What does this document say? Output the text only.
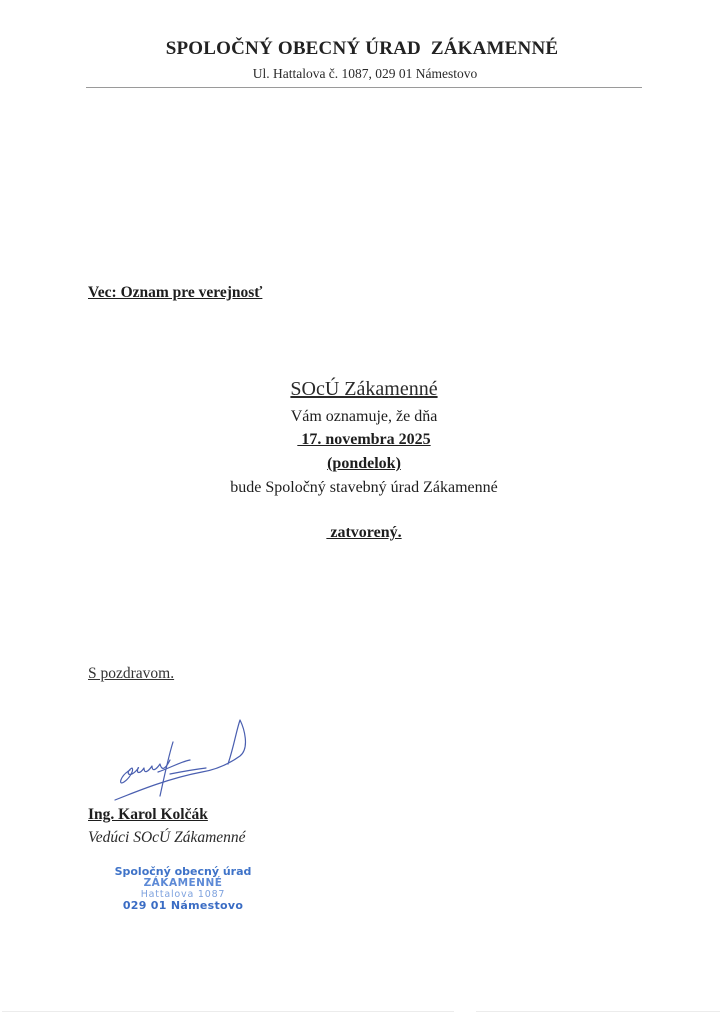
SPOLOČNÝ OBECNÝ ÚRAD  ZÁKAMENNÉ
Ul. Hattalova č. 1087, 029 01 Námestovo
Vec: Oznam pre verejnosť
SOcÚ Zákamenné
Vám oznamuje, že dňa
17. novembra 2025
(pondelok)
bude Spoločný stavebný úrad Zákamenné
zatvorený.
S pozdravom.
Ing. Karol Kolčák
Vedúci SOcÚ Zákamenné
Spoločný obecný úrad
ZÁKAMENNÉ
Hattalova 1087
029 01 Námestovo
